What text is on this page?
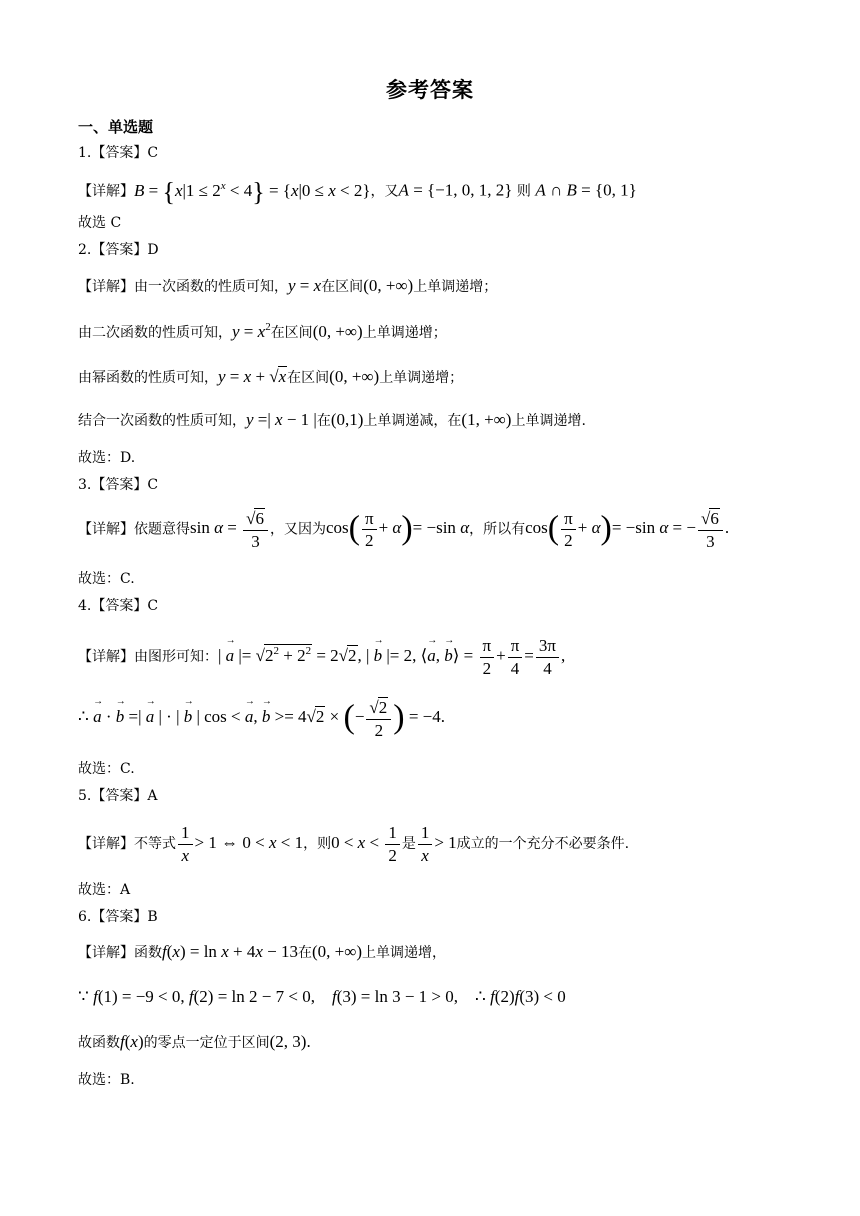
参考答案
一、单选题
1.【答案】C
【详解】$B = \{x|1 \le 2^x < 4\} = \{x|0 \le x < 2\}$，又A = {−1, 0, 1, 2} 则 A ∩ B = {0, 1}
故选 C
2.【答案】D
【详解】由一次函数的性质可知，y = x在区间(0, +∞)上单调递增；
由二次函数的性质可知，$y = x^2$在区间(0, +∞)上单调递增；
由幂函数的性质可知，y = x + √x在区间(0, +∞)上单调递增；
结合一次函数的性质可知，y =| x − 1 |在(0,1)上单调递减，在(1, +∞)上单调递增.
故选：D.
3.【答案】C
【详解】依题意得$\sin \alpha = \frac{√6}{3}$ ，又因为$\cos( \frac{\pi}{2} + \alpha)= -\sin$ α，所以有$\cos( \frac{\pi}{2} + \alpha)= -\sin$ α = − $\frac{√6}{3}$ .
故选：C.
4.【答案】C
【详解】由图形可知：| → a |= $√2^2 + 2^2 = 2√2$, | → b |= 2, ⟨→ a, → b⟩ = $\frac{\pi}{2} + \frac{\pi}{4} = \frac{3\pi}{4}$ ,
∴ → a · → b =| → a | · | → b | cos < → a, → b >= 4√2 × (− $\frac{√2}{2}$ ) = −4.
故选：C.
5.【答案】A
【详解】不等式 $\frac{1}{x} > 1$ ⇔ 0 < x < 1，则$0 < x < \frac{1}{2}$ 是 $\frac{1}{x} > 1$成立的一个充分不必要条件.
故选：A
6.【答案】B
【详解】函数f(x) = ln x + 4x − 13在(0, +∞)上单调递增，
∵ f(1) = −9 < 0, f(2) = ln 2 − 7 < 0,    f(3) = ln 3 − 1 > 0,    ∴ f(2)f(3) < 0
故函数f(x)的零点一定位于区间(2, 3).
故选：B.
